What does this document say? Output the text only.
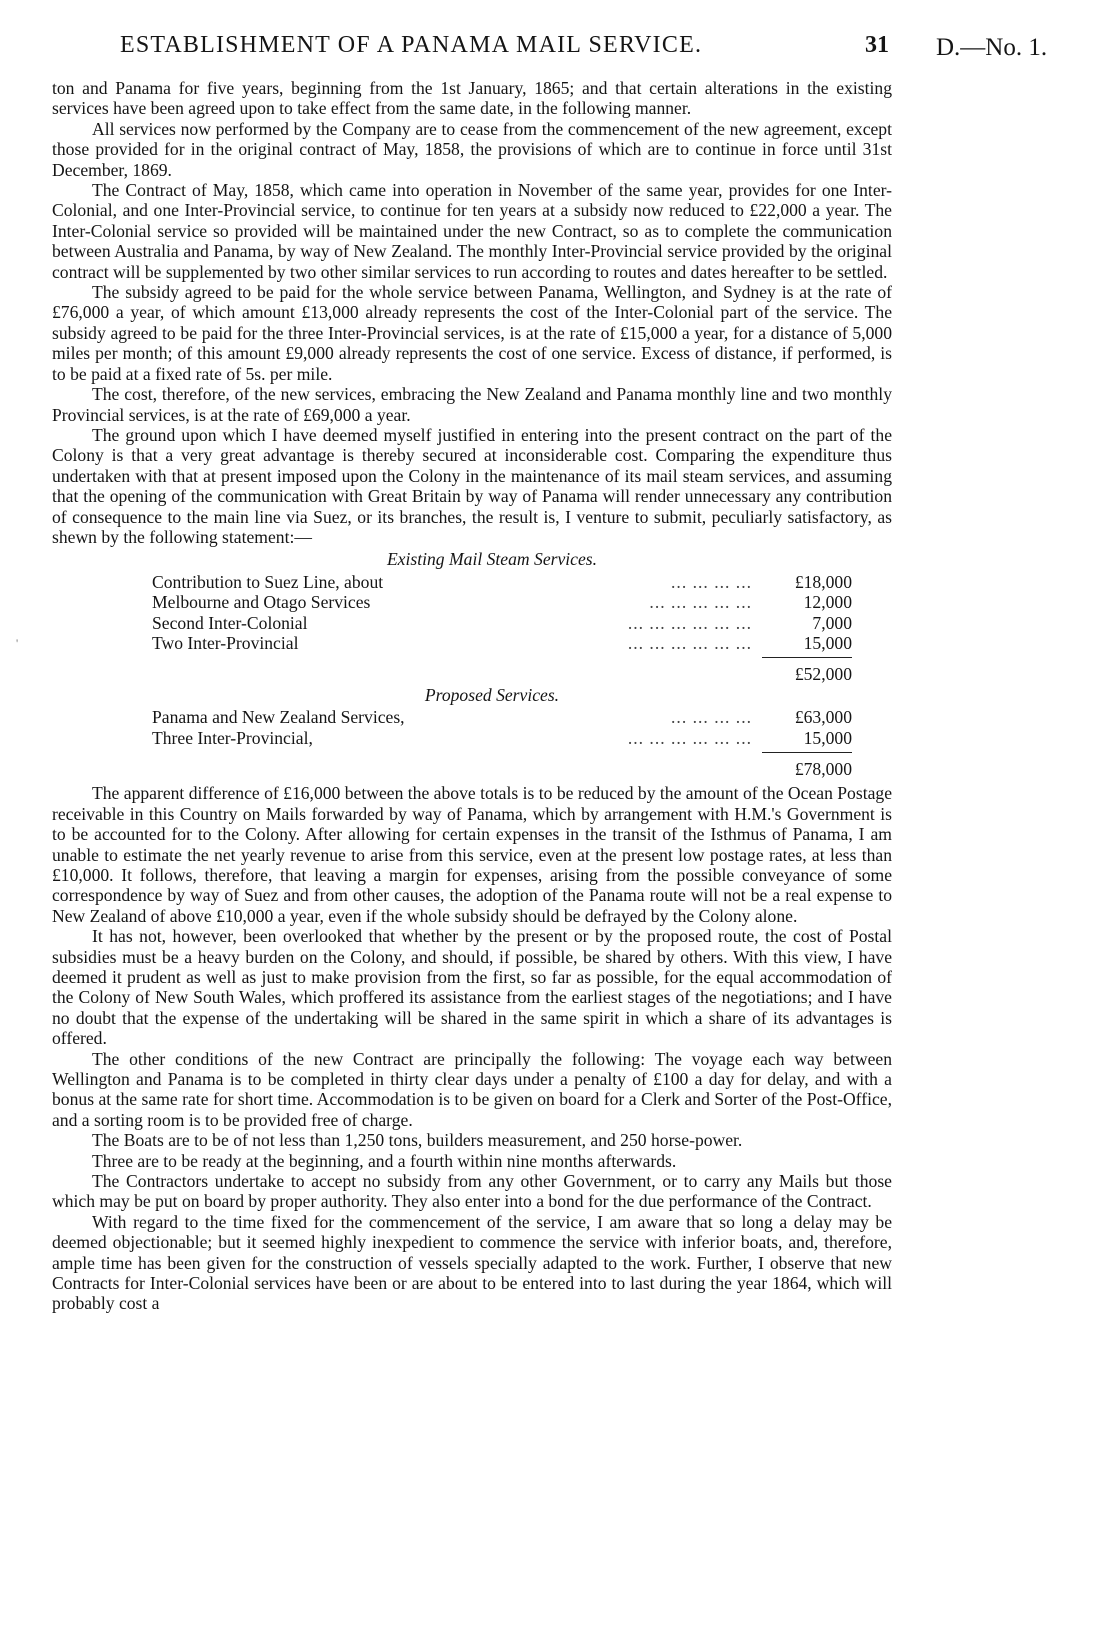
ESTABLISHMENT OF A PANAMA MAIL SERVICE.	31 D.—No. 1.
'

ton and Panama for five years, beginning from the 1st January, 1865; and that certain alterations in the existing services have been agreed upon to take effect from the same date, in the following manner.

All services now performed by the Company are to cease from the commencement of the new agreement, except those provided for in the original contract of May, 1858, the provisions of which are to continue in force until 31st December, 1869.

The Contract of May, 1858, which came into operation in November of the same year, provides for one Inter-Colonial, and one Inter-Provincial service, to continue for ten years at a subsidy now reduced to £22,000 a year. The Inter-Colonial service so provided will be maintained under the new Contract, so as to complete the communication between Australia and Panama, by way of New Zealand. The monthly Inter-Provincial service provided by the original contract will be supplemented by two other similar services to run according to routes and dates hereafter to be settled.

The subsidy agreed to be paid for the whole service between Panama, Wellington, and Sydney is at the rate of £76,000 a year, of which amount £13,000 already represents the cost of the Inter-Colonial part of the service. The subsidy agreed to be paid for the three Inter-Provincial services, is at the rate of £15,000 a year, for a distance of 5,000 miles per month; of this amount £9,000 already represents the cost of one service. Excess of distance, if performed, is to be paid at a fixed rate of 5s. per mile.

The cost, therefore, of the new services, embracing the New Zealand and Panama monthly line and two monthly Provincial services, is at the rate of £69,000 a year.

The ground upon which I have deemed myself justified in entering into the present contract on the part of the Colony is that a very great advantage is thereby secured at inconsiderable cost. Comparing the expenditure thus undertaken with that at present imposed upon the Colony in the maintenance of its mail steam services, and assuming that the opening of the communication with Great Britain by way of Panama will render unnecessary any contribution of consequence to the main line via Suez, or its branches, the result is, I venture to submit, peculiarly satisfactory, as shewn by the following statement:—

Existing Mail Steam Services.
Contribution to Suez Line, about	... ... ... ...	£18,000
Melbourne and Otago Services	... ... ... ... ...	12,000
Second Inter-Colonial	... ... ... ... ... ...	7,000
Two Inter-Provincial	... ... ... ... ... ...	15,000
£52,000
Proposed Services.
Panama and New Zealand Services,	... ... ... ...	£63,000
Three Inter-Provincial,	... ... ... ... ... ...	15,000
£78,000

The apparent difference of £16,000 between the above totals is to be reduced by the amount of the Ocean Postage receivable in this Country on Mails forwarded by way of Panama, which by arrangement with H.M.'s Government is to be accounted for to the Colony. After allowing for certain expenses in the transit of the Isthmus of Panama, I am unable to estimate the net yearly revenue to arise from this service, even at the present low postage rates, at less than £10,000. It follows, therefore, that leaving a margin for expenses, arising from the possible conveyance of some correspondence by way of Suez and from other causes, the adoption of the Panama route will not be a real expense to New Zealand of above £10,000 a year, even if the whole subsidy should be defrayed by the Colony alone.

It has not, however, been overlooked that whether by the present or by the proposed route, the cost of Postal subsidies must be a heavy burden on the Colony, and should, if possible, be shared by others. With this view, I have deemed it prudent as well as just to make provision from the first, so far as possible, for the equal accommodation of the Colony of New South Wales, which proffered its assistance from the earliest stages of the negotiations; and I have no doubt that the expense of the undertaking will be shared in the same spirit in which a share of its advantages is offered.

The other conditions of the new Contract are principally the following: The voyage each way between Wellington and Panama is to be completed in thirty clear days under a penalty of £100 a day for delay, and with a bonus at the same rate for short time. Accommodation is to be given on board for a Clerk and Sorter of the Post-Office, and a sorting room is to be provided free of charge.

The Boats are to be of not less than 1,250 tons, builders measurement, and 250 horse-power.

Three are to be ready at the beginning, and a fourth within nine months afterwards.

The Contractors undertake to accept no subsidy from any other Government, or to carry any Mails but those which may be put on board by proper authority. They also enter into a bond for the due performance of the Contract.

With regard to the time fixed for the commencement of the service, I am aware that so long a delay may be deemed objectionable; but it seemed highly inexpedient to commence the service with inferior boats, and, therefore, ample time has been given for the construction of vessels specially adapted to the work. Further, I observe that new Contracts for Inter-Colonial services have been or are about to be entered into to last during the year 1864, which will probably cost a
